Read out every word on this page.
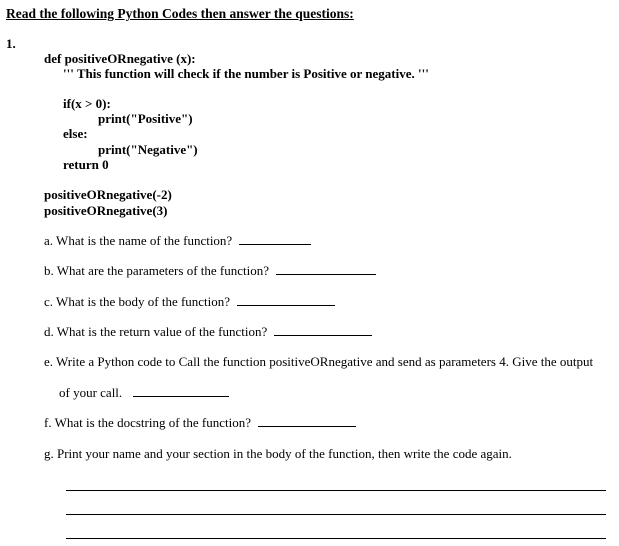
Read the following Python Codes then answer the questions:
1.
def positiveORnegative (x):
''' This function will check if the number is Positive or negative. '''
if(x > 0):
print("Positive")
else:
print("Negative")
return 0
positiveORnegative(-2)
positiveORnegative(3)
a. What is the name of the function?
b. What are the parameters of the function?
c. What is the body of the function?
d. What is the return value of the function?
e. Write a Python code to Call the function positiveORnegative and send as parameters 4. Give the output
of your call.
f. What is the docstring of the function?
g. Print your name and your section in the body of the function, then write the code again.
